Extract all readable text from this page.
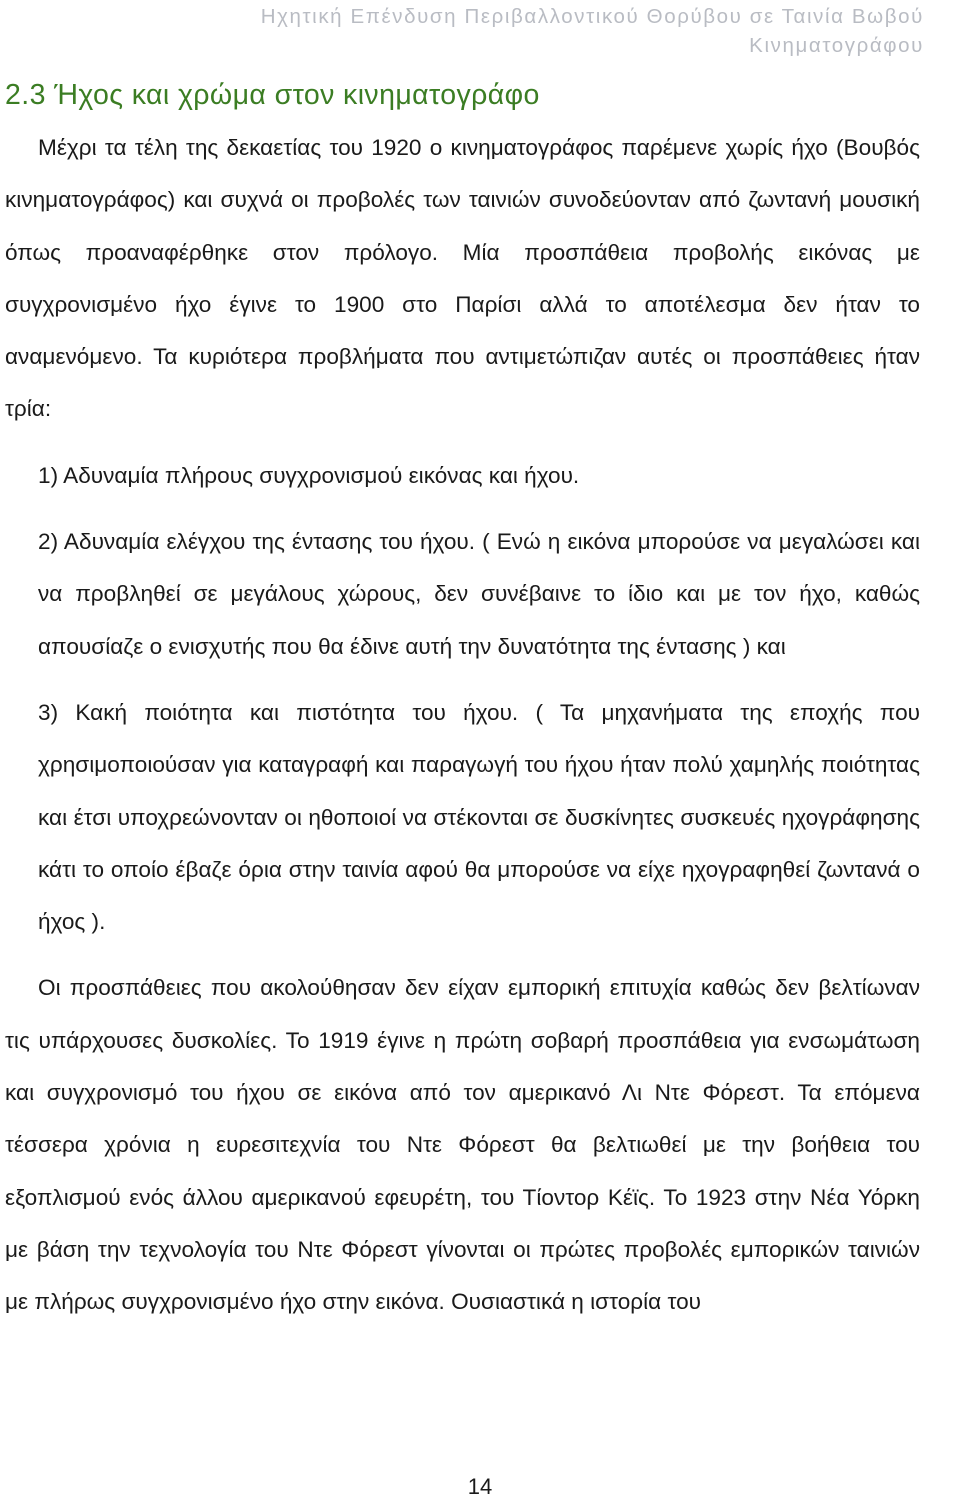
Ηχητική Επένδυση Περιβαλλοντικού Θορύβου σε Ταινία Βωβού Κινηματογράφου
2.3 Ήχος και χρώμα στον κινηματογράφο

Μέχρι τα τέλη της δεκαετίας του 1920 ο κινηματογράφος παρέμενε χωρίς ήχο (Βουβός κινηματογράφος) και συχνά οι προβολές των ταινιών συνοδεύονταν από ζωντανή μουσική όπως προαναφέρθηκε στον πρόλογο. Μία προσπάθεια προβολής εικόνας με συγχρονισμένο ήχο έγινε το 1900 στο Παρίσι αλλά το αποτέλεσμα δεν ήταν το αναμενόμενο. Τα κυριότερα προβλήματα που αντιμετώπιζαν αυτές οι προσπάθειες ήταν τρία:

1) Αδυναμία πλήρους συγχρονισμού εικόνας και ήχου.

2) Αδυναμία ελέγχου της έντασης του ήχου. ( Ενώ η εικόνα μπορούσε να μεγαλώσει και να προβληθεί σε μεγάλους χώρους, δεν συνέβαινε το ίδιο και με τον ήχο, καθώς απουσίαζε ο ενισχυτής που θα έδινε αυτή την δυνατότητα της έντασης ) και

3) Κακή ποιότητα και πιστότητα του ήχου. ( Τα μηχανήματα της εποχής που χρησιμοποιούσαν για καταγραφή και παραγωγή του ήχου ήταν πολύ χαμηλής ποιότητας και έτσι υποχρεώνονταν οι ηθοποιοί να στέκονται σε δυσκίνητες συσκευές ηχογράφησης κάτι το οποίο έβαζε όρια στην ταινία αφού θα μπορούσε να είχε ηχογραφηθεί ζωντανά ο ήχος ).

Οι προσπάθειες που ακολούθησαν δεν είχαν εμπορική επιτυχία καθώς δεν βελτίωναν τις υπάρχουσες δυσκολίες. Το 1919 έγινε η πρώτη σοβαρή προσπάθεια για ενσωμάτωση και συγχρονισμό του ήχου σε εικόνα από τον αμερικανό Λι Ντε Φόρεστ. Τα επόμενα τέσσερα χρόνια η ευρεσιτεχνία του Ντε Φόρεστ θα βελτιωθεί με την βοήθεια του εξοπλισμού ενός άλλου αμερικανού εφευρέτη, του Τίοντορ Κέϊς. Το 1923 στην Νέα Υόρκη με βάση την τεχνολογία του Ντε Φόρεστ γίνονται οι πρώτες προβολές εμπορικών ταινιών με πλήρως συγχρονισμένο ήχο στην εικόνα. Ουσιαστικά η ιστορία του

14
